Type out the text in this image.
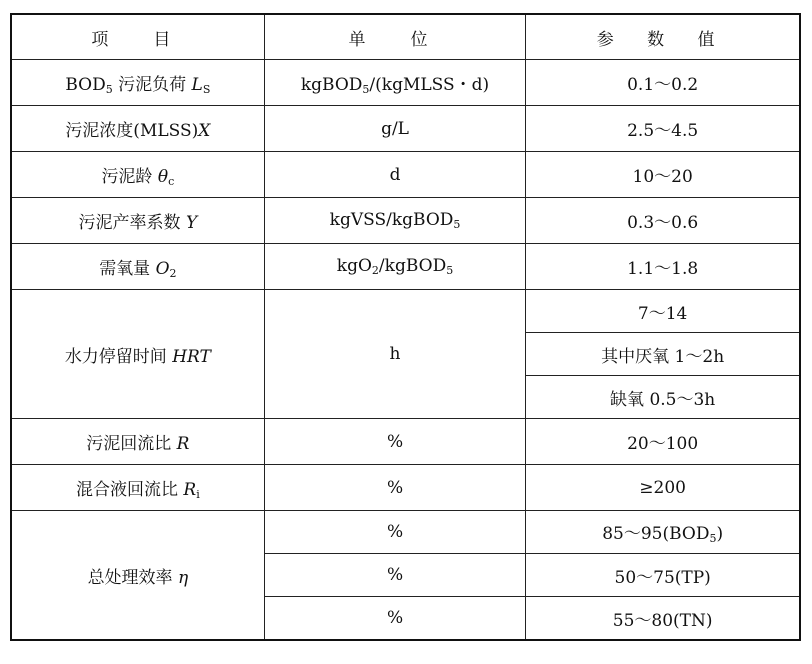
项　目	单　位	参 数 值
$BOD_5$ 污泥负荷 $L_S$	kgBOD$_5$/(kgMLSS・d)	0.1～0.2
污泥浓度(MLSS)X	g/L	2.5～4.5
污泥龄 $\theta_c$	d	10～20
污泥产率系数 Y	kgVSS/kgBOD$_5$	0.3～0.6
需氧量 $O_2$	kgO$_2$/kgBOD$_5$	1.1～1.8
水力停留时间 HRT	h	7～14
		其中厌氧 1～2h
		缺氧 0.5～3h
污泥回流比 R	%	20～100
混合液回流比 $R_i$	%	≥200
总处理效率 η	%	$85\sim 95(BOD_5)$
	%	50～75(TP)
	%	55～80(TN)
